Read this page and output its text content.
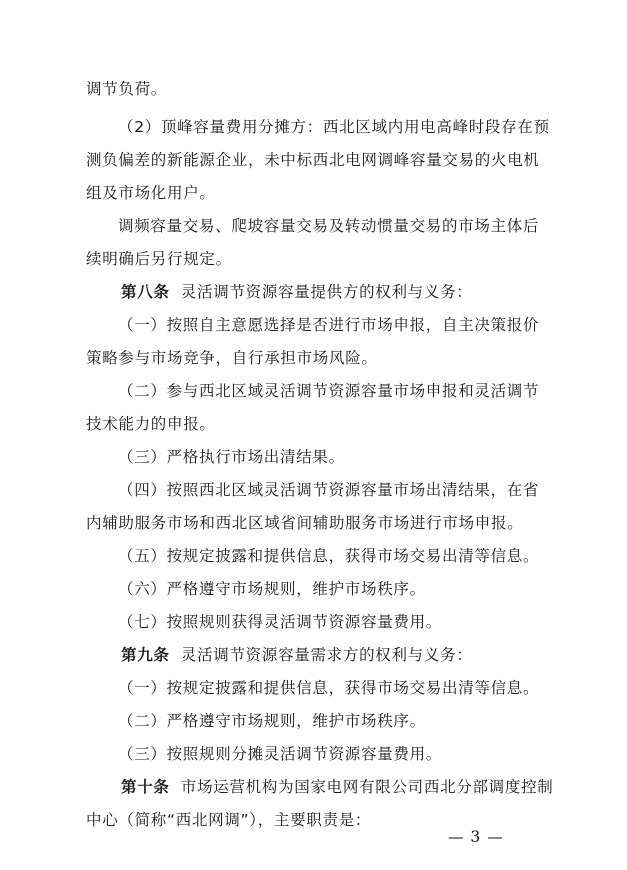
调节负荷。
（2）顶峰容量费用分摊方：西北区域内用电高峰时段存在预
测负偏差的新能源企业，未中标西北电网调峰容量交易的火电机
组及市场化用户。
调频容量交易、爬坡容量交易及转动惯量交易的市场主体后
续明确后另行规定。
第八条 灵活调节资源容量提供方的权利与义务：
（一）按照自主意愿选择是否进行市场申报，自主决策报价
策略参与市场竞争，自行承担市场风险。
（二）参与西北区域灵活调节资源容量市场申报和灵活调节
技术能力的申报。
（三）严格执行市场出清结果。
（四）按照西北区域灵活调节资源容量市场出清结果，在省
内辅助服务市场和西北区域省间辅助服务市场进行市场申报。
（五）按规定披露和提供信息，获得市场交易出清等信息。
（六）严格遵守市场规则，维护市场秩序。
（七）按照规则获得灵活调节资源容量费用。
第九条 灵活调节资源容量需求方的权利与义务：
（一）按规定披露和提供信息，获得市场交易出清等信息。
（二）严格遵守市场规则，维护市场秩序。
（三）按照规则分摊灵活调节资源容量费用。
第十条 市场运营机构为国家电网有限公司西北分部调度控制
中心（简称“西北网调”），主要职责是：
— 3 —
